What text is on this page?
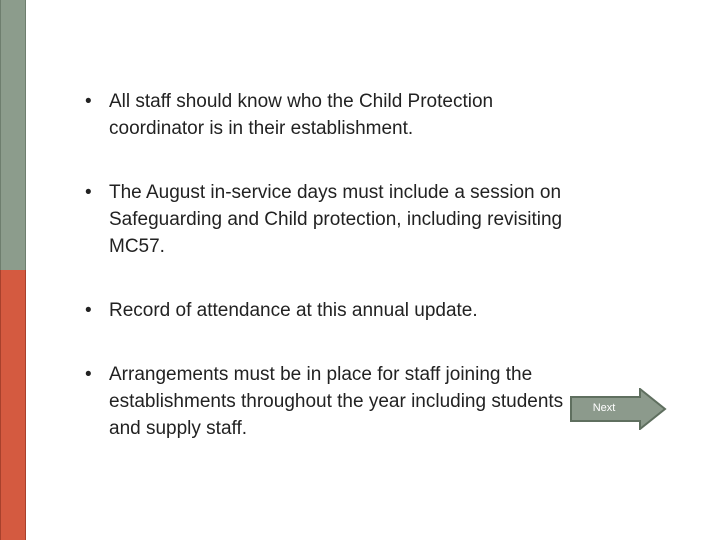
• All staff should know who the Child Protection coordinator is in their establishment.
• The August in-service days must include a session on Safeguarding and Child protection, including revisiting MC57.
• Record of attendance at this annual update.
• Arrangements must be in place for staff joining the establishments throughout the year including students and supply staff.
Next
